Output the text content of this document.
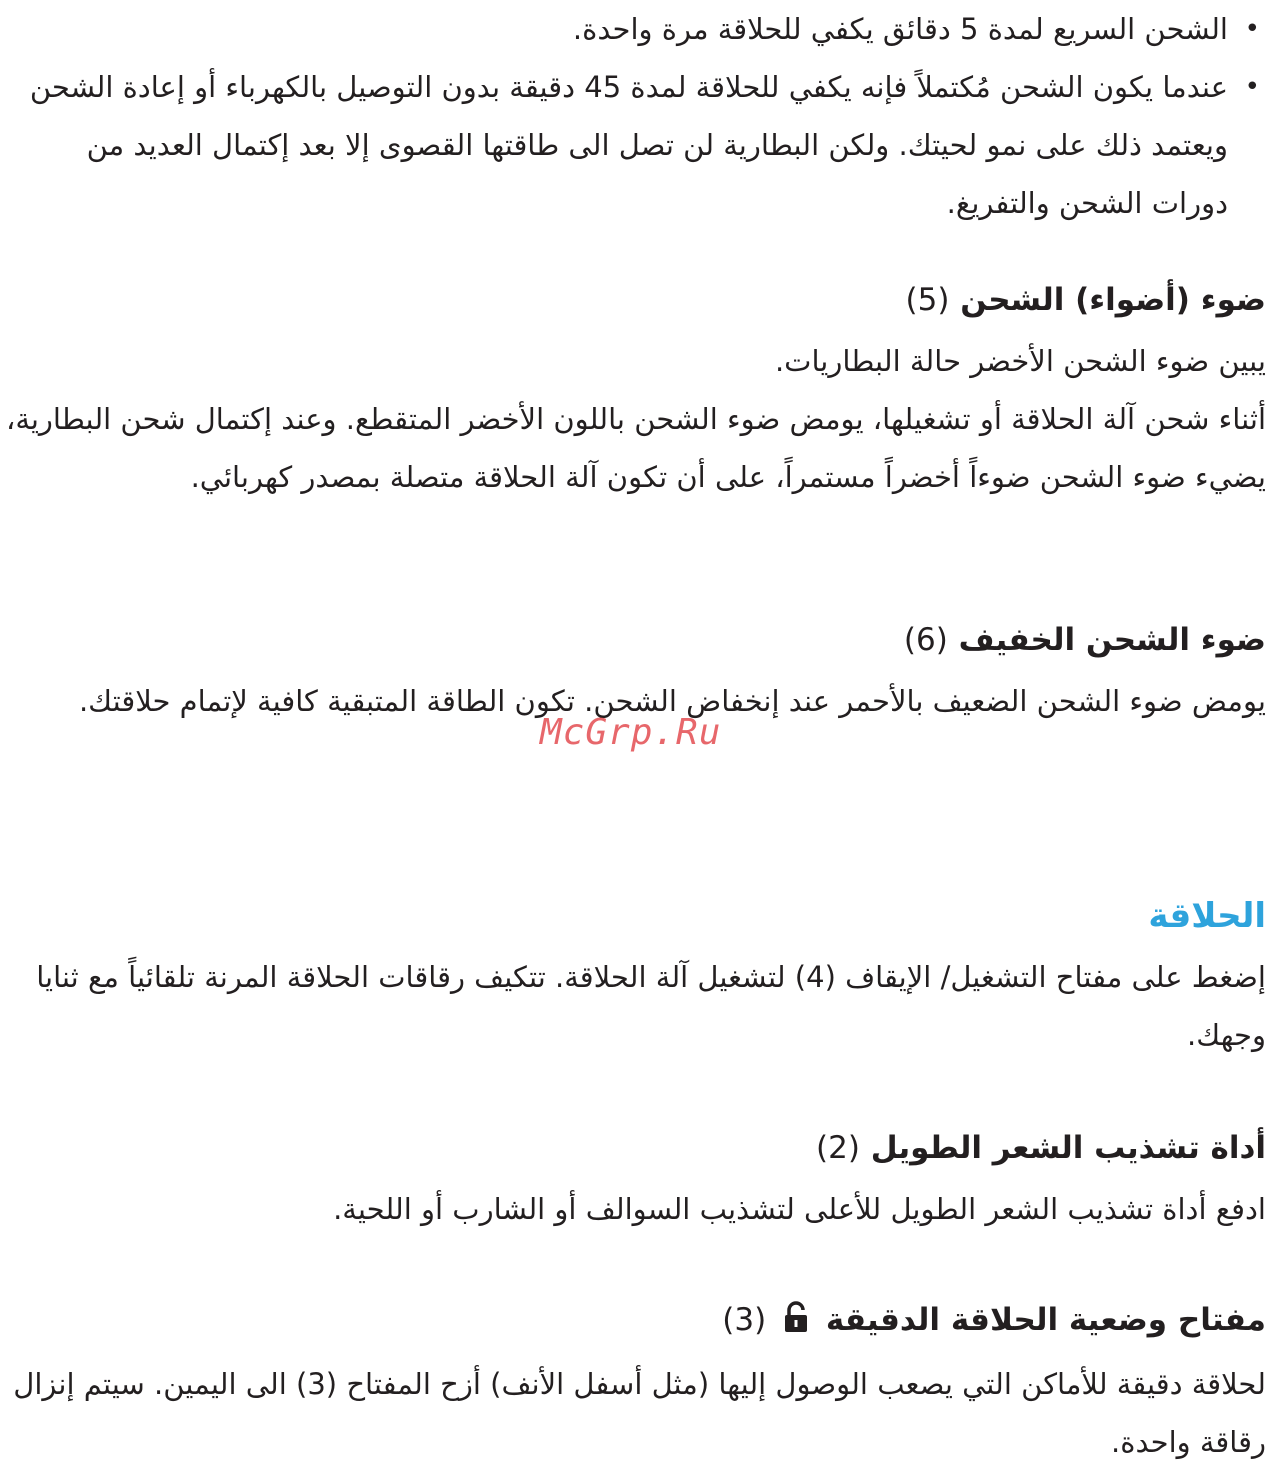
•
الشحن السريع لمدة 5 دقائق يكفي للحلاقة مرة واحدة.
•
عندما يكون الشحن مُكتملاً فإنه يكفي للحلاقة لمدة 45 دقيقة بدون التوصيل بالكهرباء أو إعادة الشحن ويعتمد ذلك على نمو لحيتك. ولكن البطارية لن تصل الى طاقتها القصوى إلا بعد إكتمال العديد من دورات الشحن والتفريغ.
ضوء (أضواء) الشحن (5)

يبين ضوء الشحن الأخضر حالة البطاريات.

أثناء شحن آلة الحلاقة أو تشغيلها، يومض ضوء الشحن باللون الأخضر المتقطع. وعند إكتمال شحن البطارية، يضيء ضوء الشحن ضوءاً أخضراً مستمراً، على أن تكون آلة الحلاقة متصلة بمصدر كهربائي.

ضوء الشحن الخفيف (6)

يومض ضوء الشحن الضعيف بالأحمر عند إنخفاض الشحن. تكون الطاقة المتبقية كافية لإتمام حلاقتك.

الحلاقة

إضغط على مفتاح التشغيل/ الإيقاف (4) لتشغيل آلة الحلاقة. تتكيف رقاقات الحلاقة المرنة تلقائياً مع ثنايا وجهك.

أداة تشذيب الشعر الطويل (2)

ادفع أداة تشذيب الشعر الطويل للأعلى لتشذيب السوالف أو الشارب أو اللحية.

مفتاح وضعية الحلاقة الدقيقة  (3)

لحلاقة دقيقة للأماكن التي يصعب الوصول إليها (مثل أسفل الأنف) أزح المفتاح (3) الى اليمين. سيتم إنزال رقاقة واحدة.

McGrp.Ru
